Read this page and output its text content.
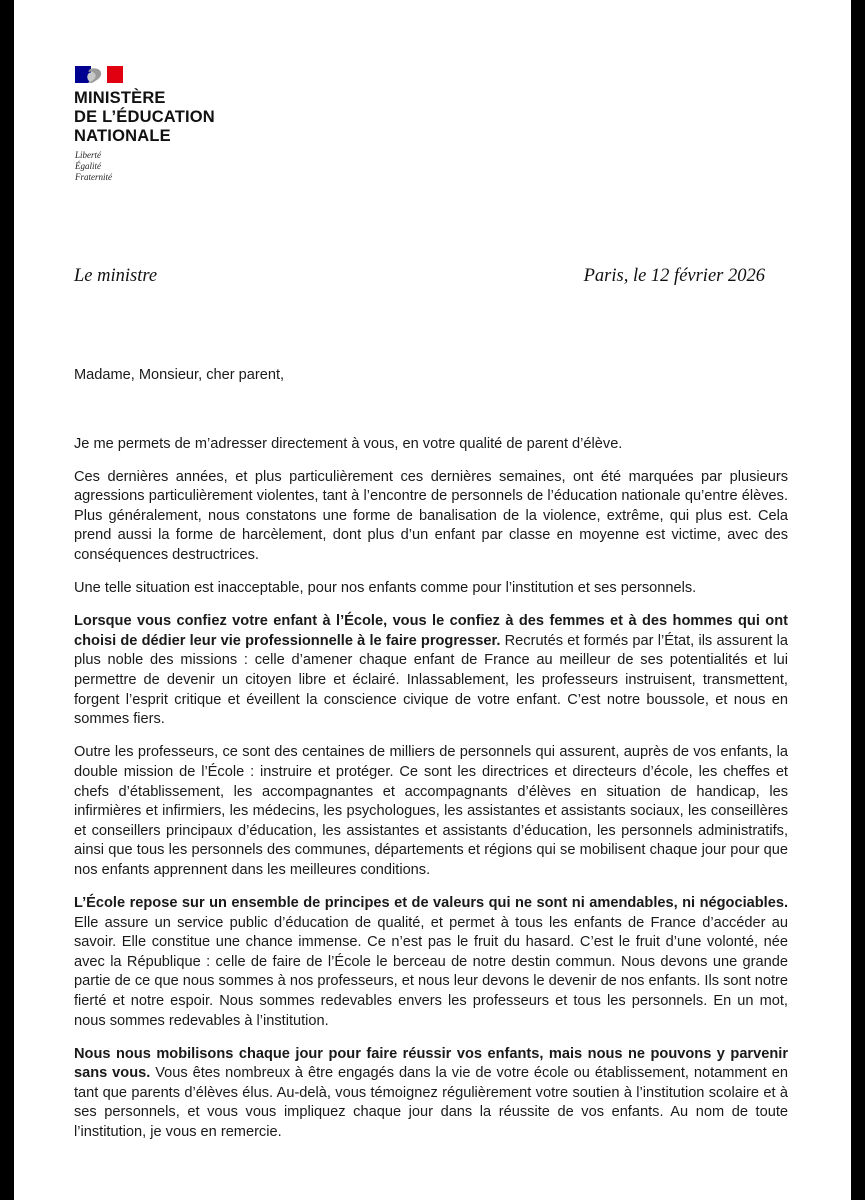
MINISTÈRE
DE L’ÉDUCATION
NATIONALE
Liberté
Égalité
Fraternité
Le ministre	Paris, le 12 février 2026

Madame, Monsieur, cher parent,

Je me permets de m’adresser directement à vous, en votre qualité de parent d’élève.

Ces dernières années, et plus particulièrement ces dernières semaines, ont été marquées par plusieurs agressions particulièrement violentes, tant à l’encontre de personnels de l’éducation nationale qu’entre élèves. Plus généralement, nous constatons une forme de banalisation de la violence, extrême, qui plus est. Cela prend aussi la forme de harcèlement, dont plus d’un enfant par classe en moyenne est victime, avec des conséquences destructrices.

Une telle situation est inacceptable, pour nos enfants comme pour l’institution et ses personnels.

Lorsque vous confiez votre enfant à l’École, vous le confiez à des femmes et à des hommes qui ont choisi de dédier leur vie professionnelle à le faire progresser. Recrutés et formés par l’État, ils assurent la plus noble des missions : celle d’amener chaque enfant de France au meilleur de ses potentialités et lui permettre de devenir un citoyen libre et éclairé. Inlassablement, les professeurs instruisent, transmettent, forgent l’esprit critique et éveillent la conscience civique de votre enfant. C’est notre boussole, et nous en sommes fiers.

Outre les professeurs, ce sont des centaines de milliers de personnels qui assurent, auprès de vos enfants, la double mission de l’École : instruire et protéger. Ce sont les directrices et directeurs d’école, les cheffes et chefs d’établissement, les accompagnantes et accompagnants d’élèves en situation de handicap, les infirmières et infirmiers, les médecins, les psychologues, les assistantes et assistants sociaux, les conseillères et conseillers principaux d’éducation, les assistantes et assistants d’éducation, les personnels administratifs, ainsi que tous les personnels des communes, départements et régions qui se mobilisent chaque jour pour que nos enfants apprennent dans les meilleures conditions.

L’École repose sur un ensemble de principes et de valeurs qui ne sont ni amendables, ni négociables. Elle assure un service public d’éducation de qualité, et permet à tous les enfants de France d’accéder au savoir. Elle constitue une chance immense. Ce n’est pas le fruit du hasard. C’est le fruit d’une volonté, née avec la République : celle de faire de l’École le berceau de notre destin commun. Nous devons une grande partie de ce que nous sommes à nos professeurs, et nous leur devons le devenir de nos enfants. Ils sont notre fierté et notre espoir. Nous sommes redevables envers les professeurs et tous les personnels. En un mot, nous sommes redevables à l’institution.

Nous nous mobilisons chaque jour pour faire réussir vos enfants, mais nous ne pouvons y parvenir sans vous. Vous êtes nombreux à être engagés dans la vie de votre école ou établissement, notamment en tant que parents d’élèves élus. Au-delà, vous témoignez régulièrement votre soutien à l’institution scolaire et à ses personnels, et vous vous impliquez chaque jour dans la réussite de vos enfants. Au nom de toute l’institution, je vous en remercie.
